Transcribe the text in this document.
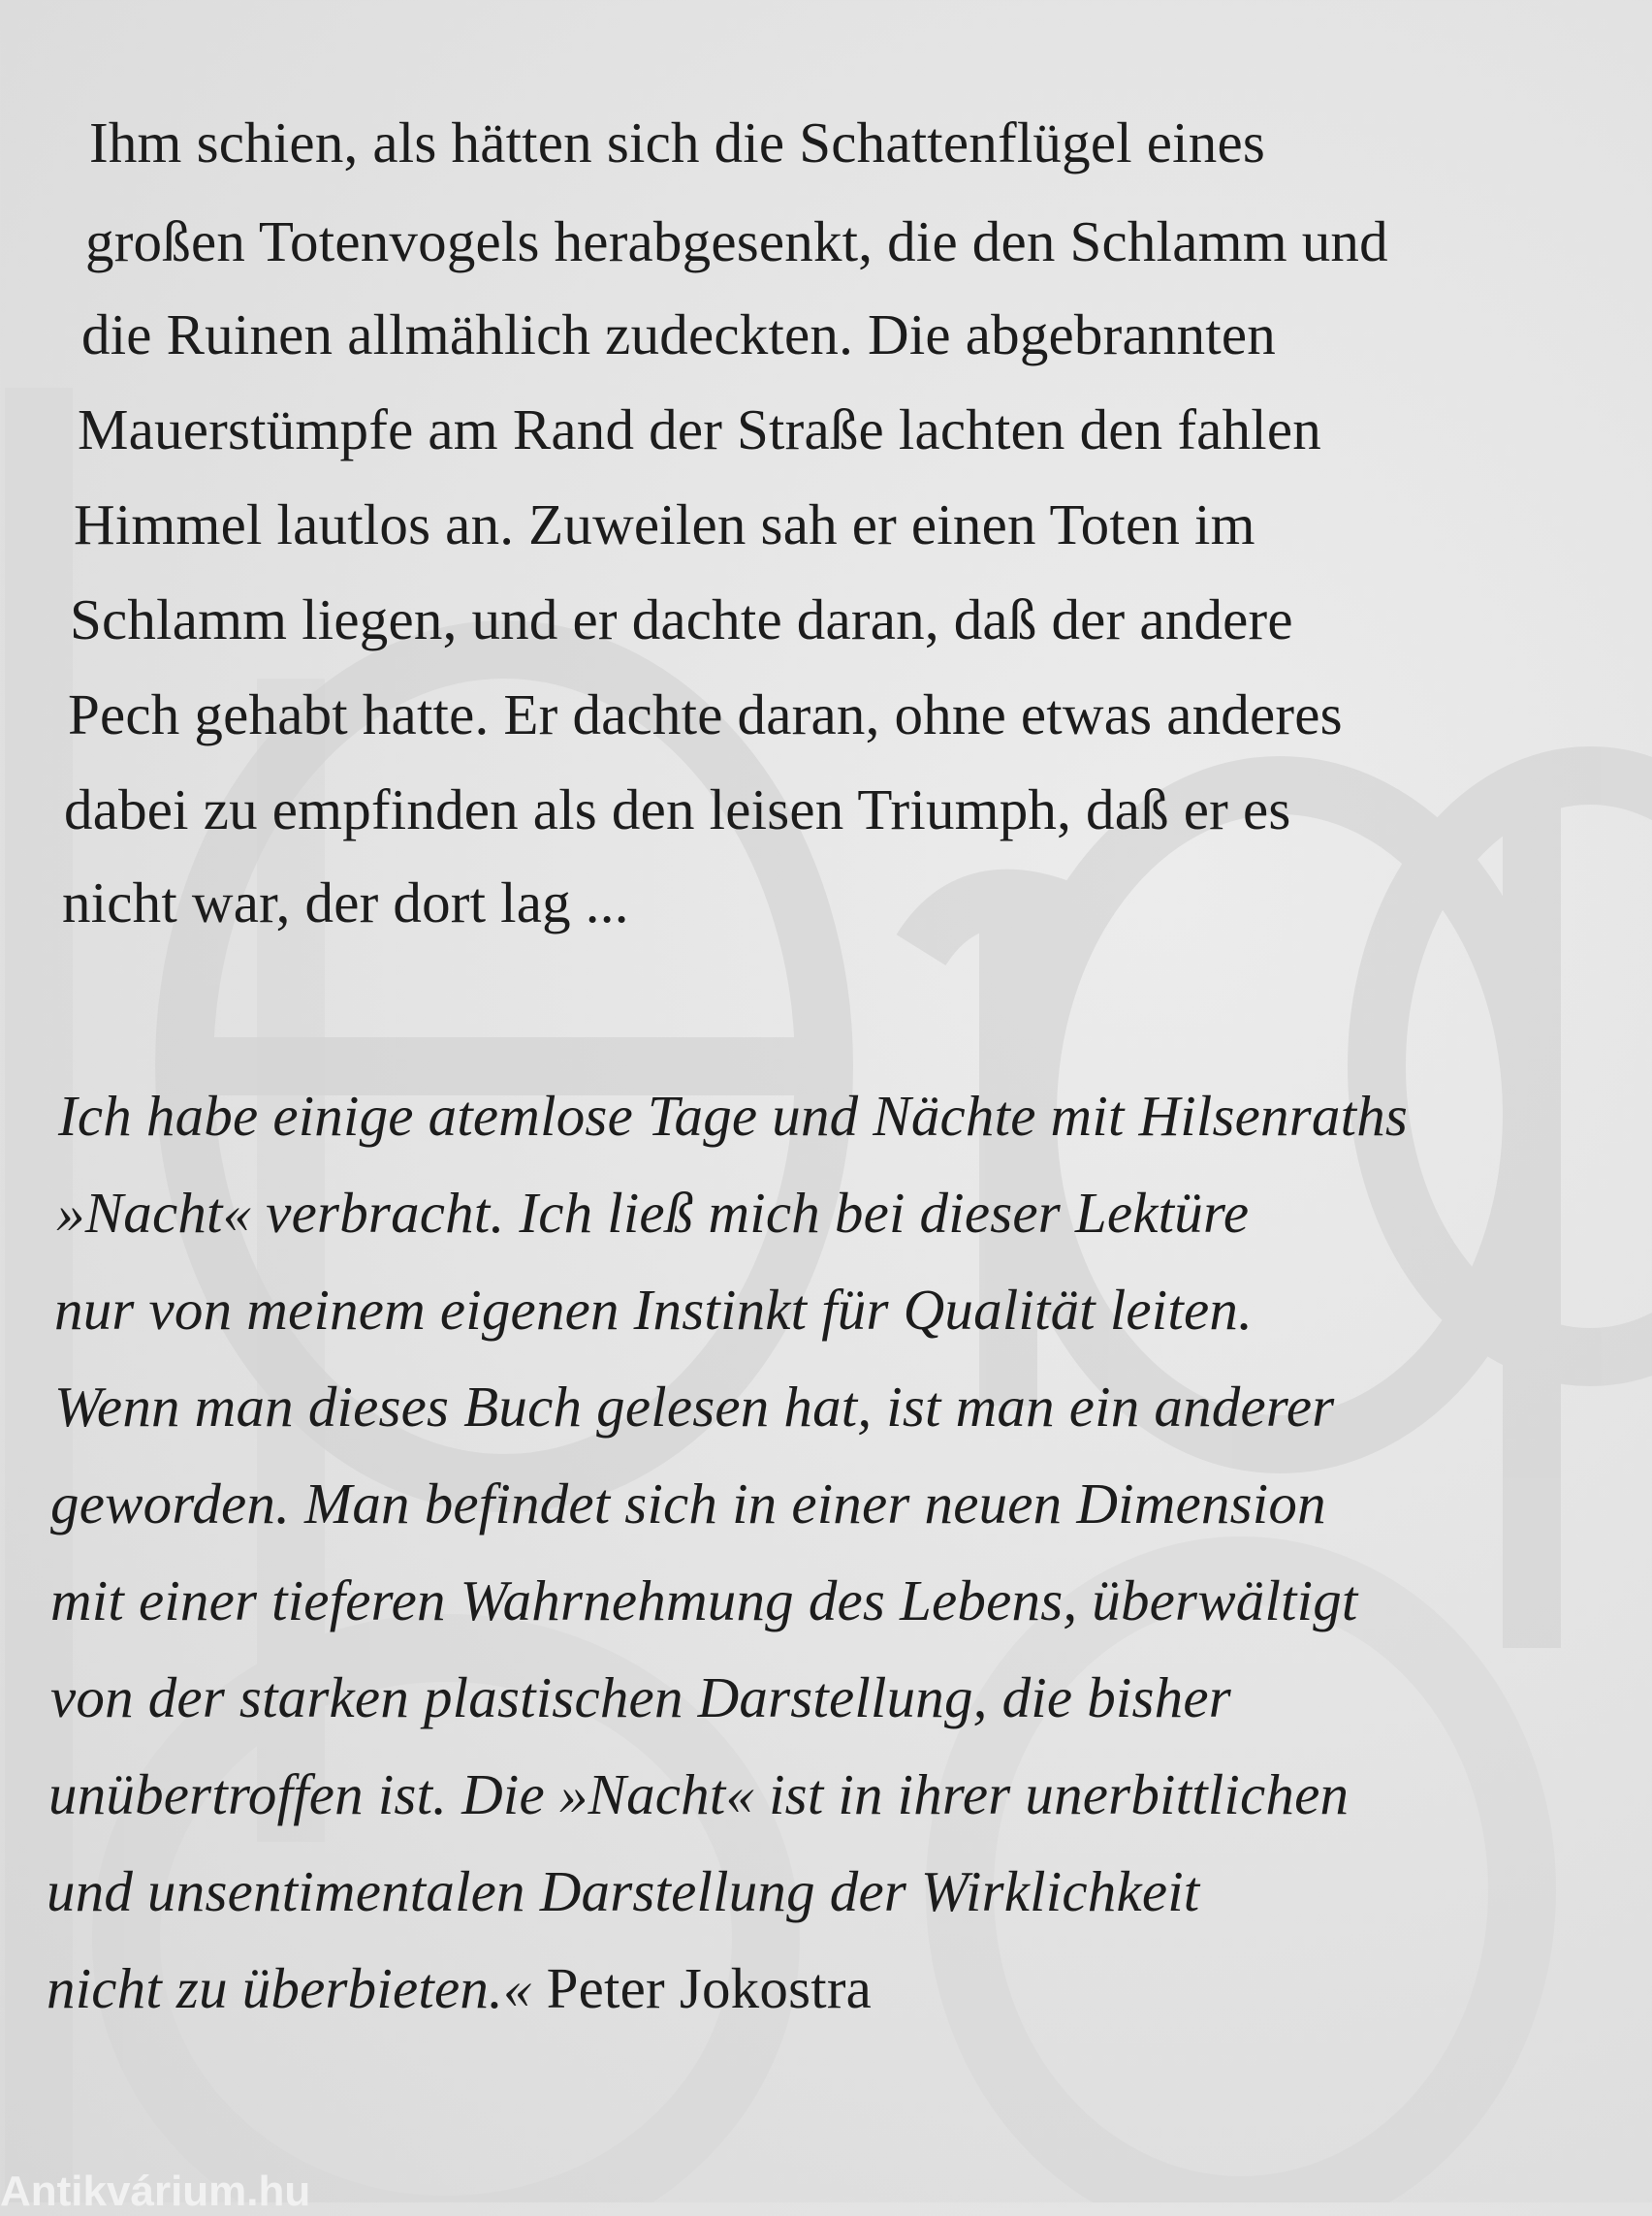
Ihm schien, als hätten sich die Schattenflügel eines
großen Totenvogels herabgesenkt, die den Schlamm und
die Ruinen allmählich zudeckten. Die abgebrannten
Mauerstümpfe am Rand der Straße lachten den fahlen
Himmel lautlos an. Zuweilen sah er einen Toten im
Schlamm liegen, und er dachte daran, daß der andere
Pech gehabt hatte. Er dachte daran, ohne etwas anderes
dabei zu empfinden als den leisen Triumph, daß er es
nicht war, der dort lag ...
Ich habe einige atemlose Tage und Nächte mit Hilsenraths
»Nacht« verbracht. Ich ließ mich bei dieser Lektüre
nur von meinem eigenen Instinkt für Qualität leiten.
Wenn man dieses Buch gelesen hat, ist man ein anderer
geworden. Man befindet sich in einer neuen Dimension
mit einer tieferen Wahrnehmung des Lebens, überwältigt
von der starken plastischen Darstellung, die bisher
unübertroffen ist. Die »Nacht« ist in ihrer unerbittlichen
und unsentimentalen Darstellung der Wirklichkeit
nicht zu überbieten.« Peter Jokostra
Antikvárium.hu
